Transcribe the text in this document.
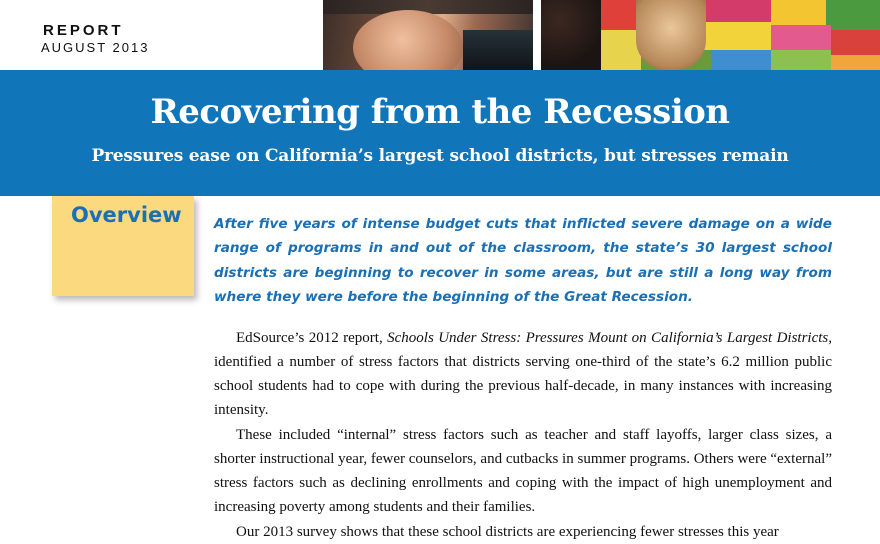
REPORT
AUGUST 2013
Recovering from the Recession
Pressures ease on California’s largest school districts, but stresses remain
Overview After five years of intense budget cuts that inflicted severe damage on a wide range of programs in and out of the classroom, the state’s 30 largest school districts are beginning to recover in some areas, but are still a long way from where they were before the beginning of the Great Recession.

EdSource’s 2012 report, Schools Under Stress: Pressures Mount on California’s Largest Districts, identified a number of stress factors that districts serving one-third of the state’s 6.2 million public school students had to cope with during the previous half-decade, in many instances with increasing intensity.

These included “internal” stress factors such as teacher and staff layoffs, larger class sizes, a shorter instructional year, fewer counselors, and cutbacks in summer programs. Others were “external” stress factors such as declining enrollments and coping with the impact of high unemployment and increasing poverty among students and their families.

Our 2013 survey shows that these school districts are experiencing fewer stresses this year
